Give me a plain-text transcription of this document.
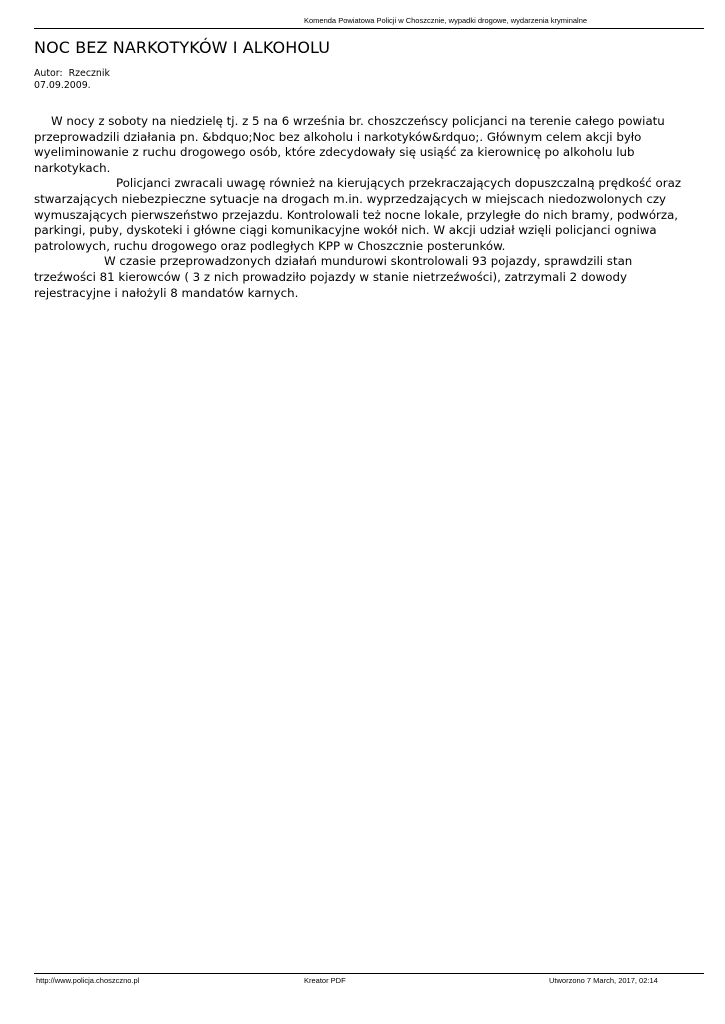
Komenda Powiatowa Policji w Choszcznie, wypadki drogowe, wydarzenia kryminalne
NOC BEZ NARKOTYKÓW I ALKOHOLU
Autor: Rzecznik
07.09.2009.

W nocy z soboty na niedzielę tj. z 5 na 6 września br. choszczeńscy policjanci na terenie całego powiatu przeprowadzili działania pn. &bdquo;Noc bez alkoholu i narkotyków&rdquo;. Głównym celem akcji było wyeliminowanie z ruchu drogowego osób, które zdecydowały się usiąść za kierownicę po alkoholu lub narkotykach.

Policjanci zwracali uwagę również na kierujących przekraczających dopuszczalną prędkość oraz stwarzających niebezpieczne sytuacje na drogach m.in. wyprzedzających w miejscach niedozwolonych czy wymuszających pierwszeństwo przejazdu. Kontrolowali też nocne lokale, przyległe do nich bramy, podwórza, parkingi, puby, dyskoteki i główne ciągi komunikacyjne wokół nich. W akcji udział wzięli policjanci ogniwa patrolowych, ruchu drogowego oraz podległych KPP w Choszcznie posterunków.

W czasie przeprowadzonych działań mundurowi skontrolowali 93 pojazdy, sprawdzili stan trzeźwości 81 kierowców ( 3 z nich prowadziło pojazdy w stanie nietrzeźwości), zatrzymali 2 dowody rejestracyjne i nałożyli 8 mandatów karnych.

http://www.policja.choszczno.pl	Kreator PDF	Utworzono 7 March, 2017, 02:14
